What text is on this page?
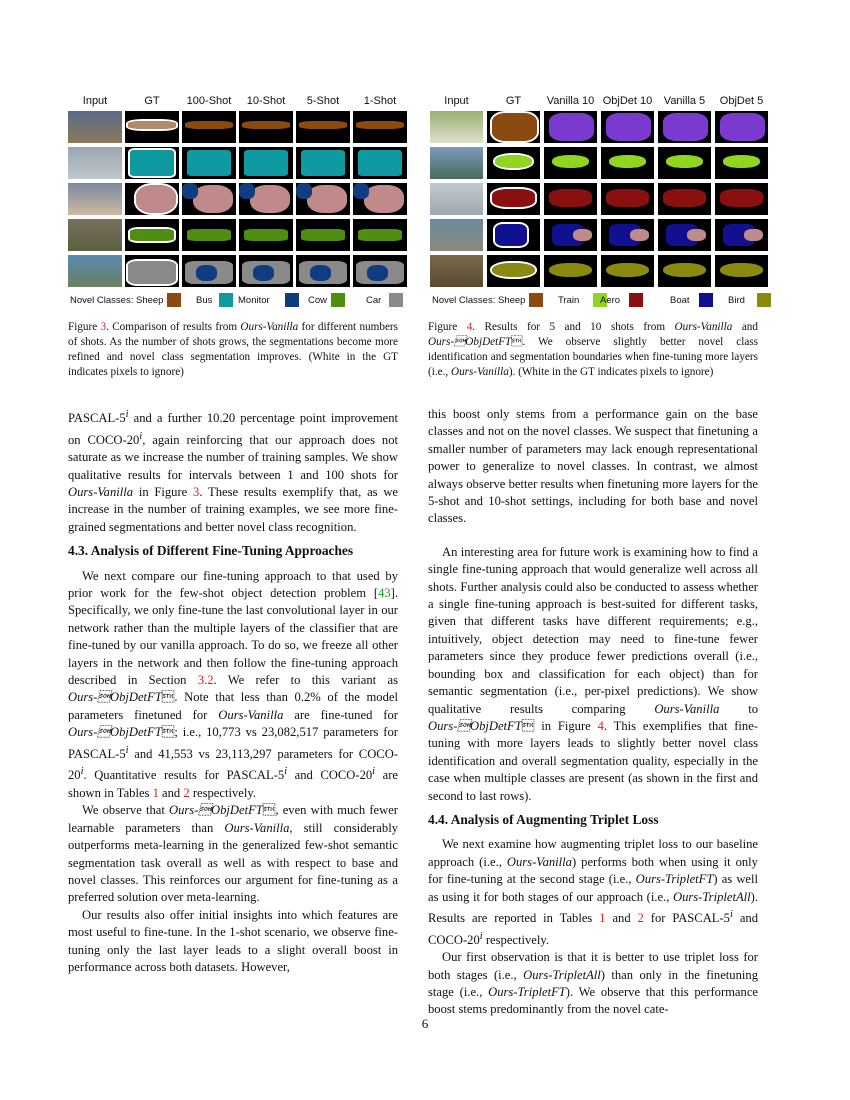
Input	GT	100-Shot	10-Shot	5-Shot	1-Shot
Novel Classes: Sheep	Bus	Monitor	Cow	Car
Figure 3. Comparison of results from Ours-Vanilla for different numbers of shots. As the number of shots grows, the segmentations become more refined and novel class segmentation improves. (White in the GT indicates pixels to ignore)
Input	GT	Vanilla 10 ObjDet 10	Vanilla 5	ObjDet 5
Novel Classes: Sheep	Train Aero	Boat	Bird
Figure 4. Results for 5 and 10 shots from Ours-Vanilla and Ours-ObjDetFT. We observe slightly better novel class identification and segmentation boundaries when fine-tuning more layers (i.e., Ours-Vanilla). (White in the GT indicates pixels to ignore)

PASCAL-5$^i$ and a further 10.20 percentage point improvement on COCO-20$^i$, again reinforcing that our approach does not saturate as we increase the number of training samples. We show qualitative results for intervals between 1 and 100 shots for Ours-Vanilla in Figure 3. These results exemplify that, as we increase in the number of training examples, we see more fine-grained segmentations and better novel class recognition.

4.3. Analysis of Different Fine-Tuning Approaches

We next compare our fine-tuning approach to that used by prior work for the few-shot object detection problem [43]. Specifically, we only fine-tune the last convolutional layer in our network rather than the multiple layers of the classifier that are fine-tuned by our vanilla approach. To do so, we freeze all other layers in the network and then follow the fine-tuning approach described in Section 3.2. We refer to this variant as Ours-ObjDetFT. Note that less than 0.2% of the model parameters finetuned for Ours-Vanilla are fine-tuned for Ours-ObjDetFT; i.e., 10,773 vs 23,082,517 parameters for PASCAL-5$^i$ and 41,553 vs 23,113,297 parameters for COCO-20$^i$. Quantitative results for PASCAL-5$^i$ and COCO-20$^i$ are shown in Tables 1 and 2 respectively.

We observe that Ours-ObjDetFT, even with much fewer learnable parameters than Ours-Vanilla, still considerably outperforms meta-learning in the generalized few-shot semantic segmentation task overall as well as with respect to base and novel classes. This reinforces our argument for fine-tuning as a preferred solution over meta-learning.

Our results also offer initial insights into which features are most useful to fine-tune. In the 1-shot scenario, we observe fine-tuning only the last layer leads to a slight overall boost in performance across both datasets. However,

this boost only stems from a performance gain on the base classes and not on the novel classes. We suspect that finetuning a smaller number of parameters may lack enough representational power to generalize to novel classes. In contrast, we almost always observe better results when finetuning more layers for the 5-shot and 10-shot settings, including for both base and novel classes.

An interesting area for future work is examining how to find a single fine-tuning approach that would generalize well across all shots. Further analysis could also be conducted to assess whether a single fine-tuning approach is best-suited for different tasks, given that different tasks have different requirements; e.g., intuitively, object detection may need to fine-tune fewer parameters since they produce fewer predictions overall (i.e., bounding box and classification for each object) than for semantic segmentation (i.e., per-pixel predictions). We show qualitative results comparing Ours-Vanilla to Ours-ObjDetFT in Figure 4. This exemplifies that fine-tuning with more layers leads to slightly better novel class identification and overall segmentation quality, especially in the case when multiple classes are present (as shown in the first and second to last rows).

4.4. Analysis of Augmenting Triplet Loss

We next examine how augmenting triplet loss to our baseline approach (i.e., Ours-Vanilla) performs both when using it only for fine-tuning at the second stage (i.e., Ours-TripletFT) as well as using it for both stages of our approach (i.e., Ours-TripletAll). Results are reported in Tables 1 and 2 for PASCAL-5$^i$ and COCO-20$^i$ respectively.

Our first observation is that it is better to use triplet loss for both stages (i.e., Ours-TripletAll) than only in the finetuning stage (i.e., Ours-TripletFT). We observe that this performance boost stems predominantly from the novel cate-

6
